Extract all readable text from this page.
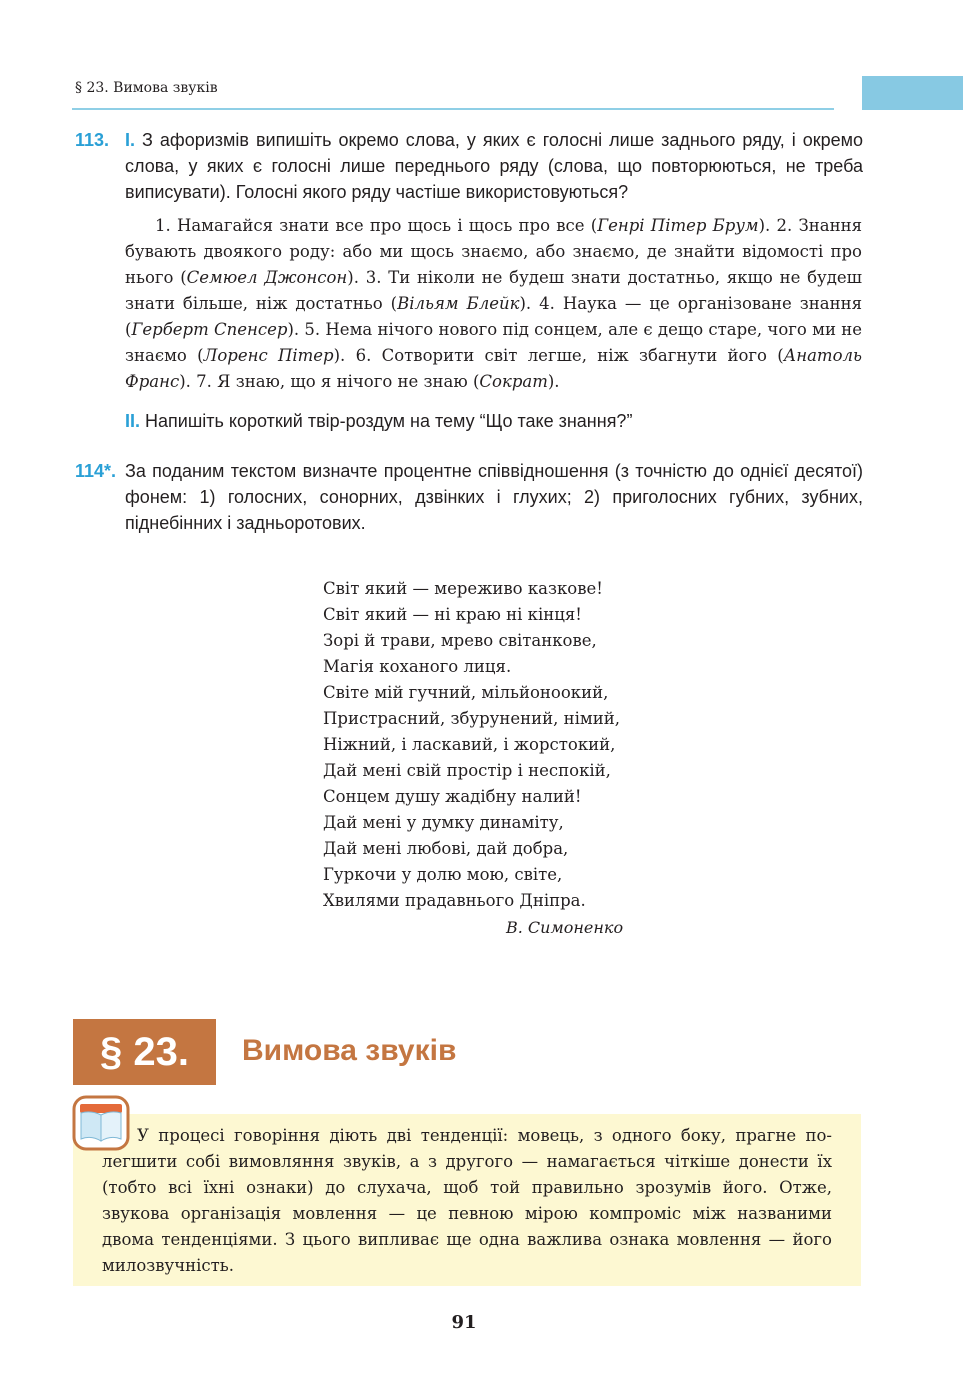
§ 23. Вимова звуків
113. I. З афоризмів випишіть окремо слова, у яких є голосні лише заднього ряду, і окремо слова, у яких є голосні лише переднього ряду (слова, що повторюються, не треба виписувати). Голосні якого ряду частіше використовуються?
1. Намагайся знати все про щось і щось про все (Генрі Пітер Брум). 2. Знання бувають двоякого роду: або ми щось знаємо, або знаємо, де знайти відомості про нього (Семюел Джонсон). 3. Ти ніколи не будеш знати достатньо, якщо не будеш знати більше, ніж достатньо (Вільям Блейк). 4. Наука — це організоване знання (Герберт Спенсер). 5. Нема нічого нового під сонцем, але є дещо старе, чого ми не знаємо (Лоренс Пітер). 6. Сотворити світ легше, ніж збагнути його (Анатоль Франс). 7. Я знаю, що я нічого не знаю (Сократ).
II. Напишіть короткий твір-роздум на тему “Що таке знання?”
114*. За поданим текстом визначте процентне співвідношення (з точністю до однієї десятої) фонем: 1) голосних, сонорних, дзвінких і глухих; 2) приголосних губних, зубних, піднебінних і задньоротових.
Світ який — мереживо казкове!
Світ який — ні краю ні кінця!
Зорі й трави, мрево світанкове,
Магія коханого лиця.
Світе мій гучний, мільйоноокий,
Пристрасний, збурунений, німий,
Ніжний, і ласкавий, і жорстокий,
Дай мені свій простір і неспокій,
Сонцем душу жадібну налий!
Дай мені у думку динаміту,
Дай мені любові, дай добра,
Гуркочи у долю мою, світе,
Хвилями прадавнього Дніпра.
В. Симоненко
§ 23.	Вимова звуків
У процесі говоріння діють дві тенденції: мовець, з одного боку, прагне полегшити собі вимовляння звуків, а з другого — намагається чіткіше донести їх (тобто всі їхні ознаки) до слухача, щоб той правильно зрозумів його. Отже, звукова організація мовлення — це певною мірою компроміс між названими двома тенденціями. З цього випливає ще одна важлива ознака мовлення — його милозвучність.
91
